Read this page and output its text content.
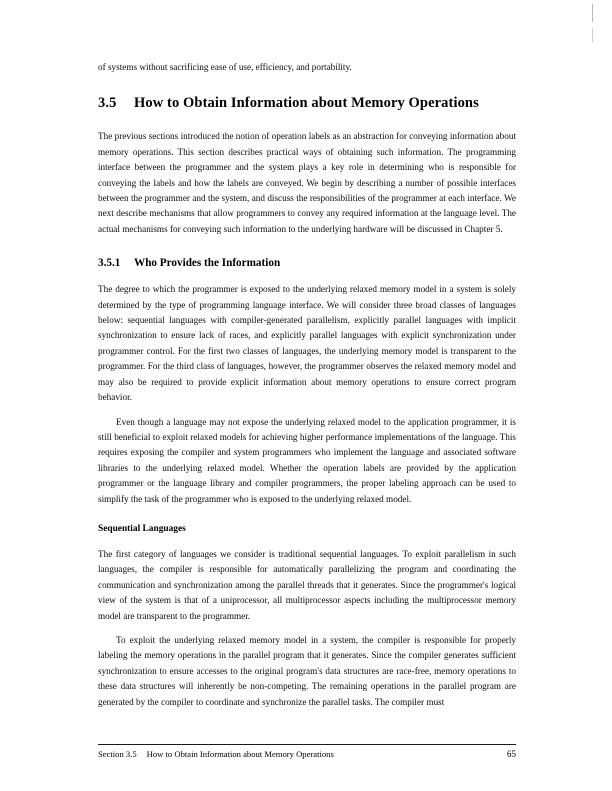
of systems without sacrificing ease of use, efficiency, and portability.

3.5 How to Obtain Information about Memory Operations

The previous sections introduced the notion of operation labels as an abstraction for conveying information about memory operations. This section describes practical ways of obtaining such information. The programming interface between the programmer and the system plays a key role in determining who is responsible for conveying the labels and how the labels are conveyed. We begin by describing a number of possible interfaces between the programmer and the system, and discuss the responsibilities of the programmer at each interface. We next describe mechanisms that allow programmers to convey any required information at the language level. The actual mechanisms for conveying such information to the underlying hardware will be discussed in Chapter 5.

3.5.1 Who Provides the Information

The degree to which the programmer is exposed to the underlying relaxed memory model in a system is solely determined by the type of programming language interface. We will consider three broad classes of languages below: sequential languages with compiler-generated parallelism, explicitly parallel languages with implicit synchronization to ensure lack of races, and explicitly parallel languages with explicit synchronization under programmer control. For the first two classes of languages, the underlying memory model is transparent to the programmer. For the third class of languages, however, the programmer observes the relaxed memory model and may also be required to provide explicit information about memory operations to ensure correct program behavior.

Even though a language may not expose the underlying relaxed model to the application programmer, it is still beneficial to exploit relaxed models for achieving higher performance implementations of the language. This requires exposing the compiler and system programmers who implement the language and associated software libraries to the underlying relaxed model. Whether the operation labels are provided by the application programmer or the language library and compiler programmers, the proper labeling approach can be used to simplify the task of the programmer who is exposed to the underlying relaxed model.

Sequential Languages

The first category of languages we consider is traditional sequential languages. To exploit parallelism in such languages, the compiler is responsible for automatically parallelizing the program and coordinating the communication and synchronization among the parallel threads that it generates. Since the programmer's logical view of the system is that of a uniprocessor, all multiprocessor aspects including the multiprocessor memory model are transparent to the programmer.

To exploit the underlying relaxed memory model in a system, the compiler is responsible for properly labeling the memory operations in the parallel program that it generates. Since the compiler generates sufficient synchronization to ensure accesses to the original program's data structures are race-free, memory operations to these data structures will inherently be non-competing. The remaining operations in the parallel program are generated by the compiler to coordinate and synchronize the parallel tasks. The compiler must

Section 3.5 How to Obtain Information about Memory Operations	65
